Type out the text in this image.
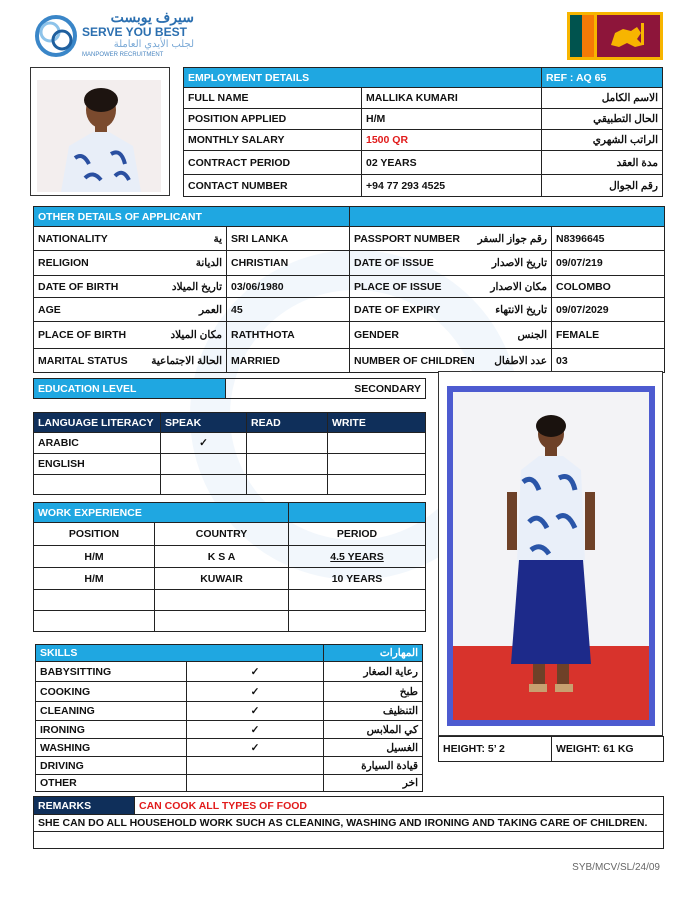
سيرف يوبست
SERVE YOU BEST
لجلب الأيدي العاملة
MANPOWER RECRUITMENT
EMPLOYMENT DETAILS		REF : AQ 65
FULL NAME	MALLIKA KUMARI	الاسم الكامل
POSITION APPLIED	H/M	الحال التطبيقي
MONTHLY SALARY	1500 QR	الراتب الشهري
CONTRACT PERIOD	02 YEARS	مدة العقد
CONTACT NUMBER	+94 77 293 4525	رقم الجوال
OTHER DETAILS OF APPLICANT					
NATIONALITY	ية	SRI LANKA	PASSPORT NUMBER	رقم جواز السفر	N8396645
RELIGION	الديانة	CHRISTIAN	DATE OF ISSUE	تاريخ الاصدار	09/07/219
DATE OF BIRTH	تاريخ الميلاد	03/06/1980	PLACE OF ISSUE	مكان الاصدار	COLOMBO
AGE	العمر	45	DATE OF EXPIRY	تاريخ الانتهاء	09/07/2029
PLACE OF BIRTH	مكان الميلاد	RATHTHOTA	GENDER	الجنس	FEMALE
MARITAL STATUS	الحالة الاجتماعية	MARRIED	NUMBER OF CHILDREN	عدد الاطفال	03
EDUCATION LEVEL	SECONDARY
LANGUAGE LITERACY	SPEAK	READ	WRITE
ARABIC	✓		
ENGLISH			

WORK EXPERIENCE		
POSITION	COUNTRY	PERIOD
H/M	K S A	4.5 YEARS
H/M	KUWAIR	10 YEARS

SKILLS		المهارات
BABYSITTING	✓	رعاية الصغار
COOKING	✓	طبخ
CLEANING	✓	التنظيف
IRONING	✓	كي الملابس
WASHING	✓	الغسيل
DRIVING		قيادة السيارة
OTHER		اخر
HEIGHT: 5’ 2	WEIGHT: 61 KG
REMARKS	CAN COOK ALL TYPES OF FOOD
SHE CAN DO ALL HOUSEHOLD WORK SUCH AS CLEANING, WASHING AND IRONING AND TAKING CARE OF CHILDREN.

SYB/MCV/SL/24/09
